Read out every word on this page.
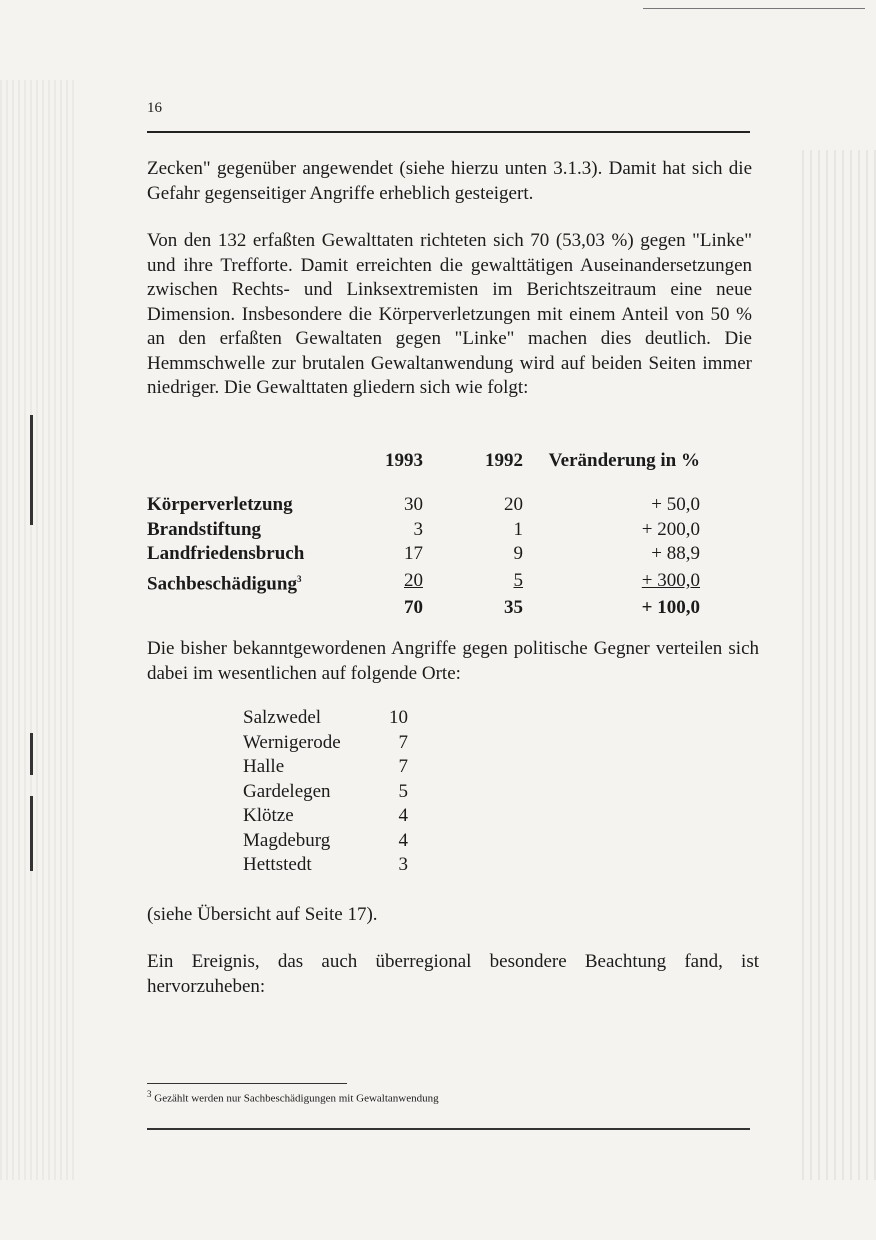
16
Zecken" gegenüber angewendet (siehe hierzu unten 3.1.3). Damit hat sich die Gefahr gegenseitiger Angriffe erheblich gesteigert.
Von den 132 erfaßten Gewalttaten richteten sich 70 (53,03 %) gegen "Linke" und ihre Trefforte. Damit erreichten die gewalttätigen Auseinandersetzungen zwischen Rechts- und Linksextremisten im Berichtszeitraum eine neue Dimension. Insbesondere die Körperverletzungen mit einem Anteil von 50 % an den erfaßten Gewaltaten gegen "Linke" machen dies deutlich. Die Hemmschwelle zur brutalen Gewaltanwendung wird auf beiden Seiten immer niedriger. Die Gewalttaten gliedern sich wie folgt:
	1993	1992	Veränderung in %

Körperverletzung	30	20	+ 50,0
Brandstiftung	3	1	+ 200,0
Landfriedensbruch	17	9	+ 88,9
Sachbeschädigung$^3$	20	5	+ 300,0
	70	35	+ 100,0
Die bisher bekanntgewordenen Angriffe gegen politische Gegner verteilen sich dabei im wesentlichen auf folgende Orte:
Salzwedel	10
Wernigerode	7
Halle	7
Gardelegen	5
Klötze	4
Magdeburg	4
Hettstedt	3
(siehe Übersicht auf Seite 17).
Ein Ereignis, das auch überregional besondere Beachtung fand, ist hervorzuheben:
$^3$ Gezählt werden nur Sachbeschädigungen mit Gewaltanwendung
